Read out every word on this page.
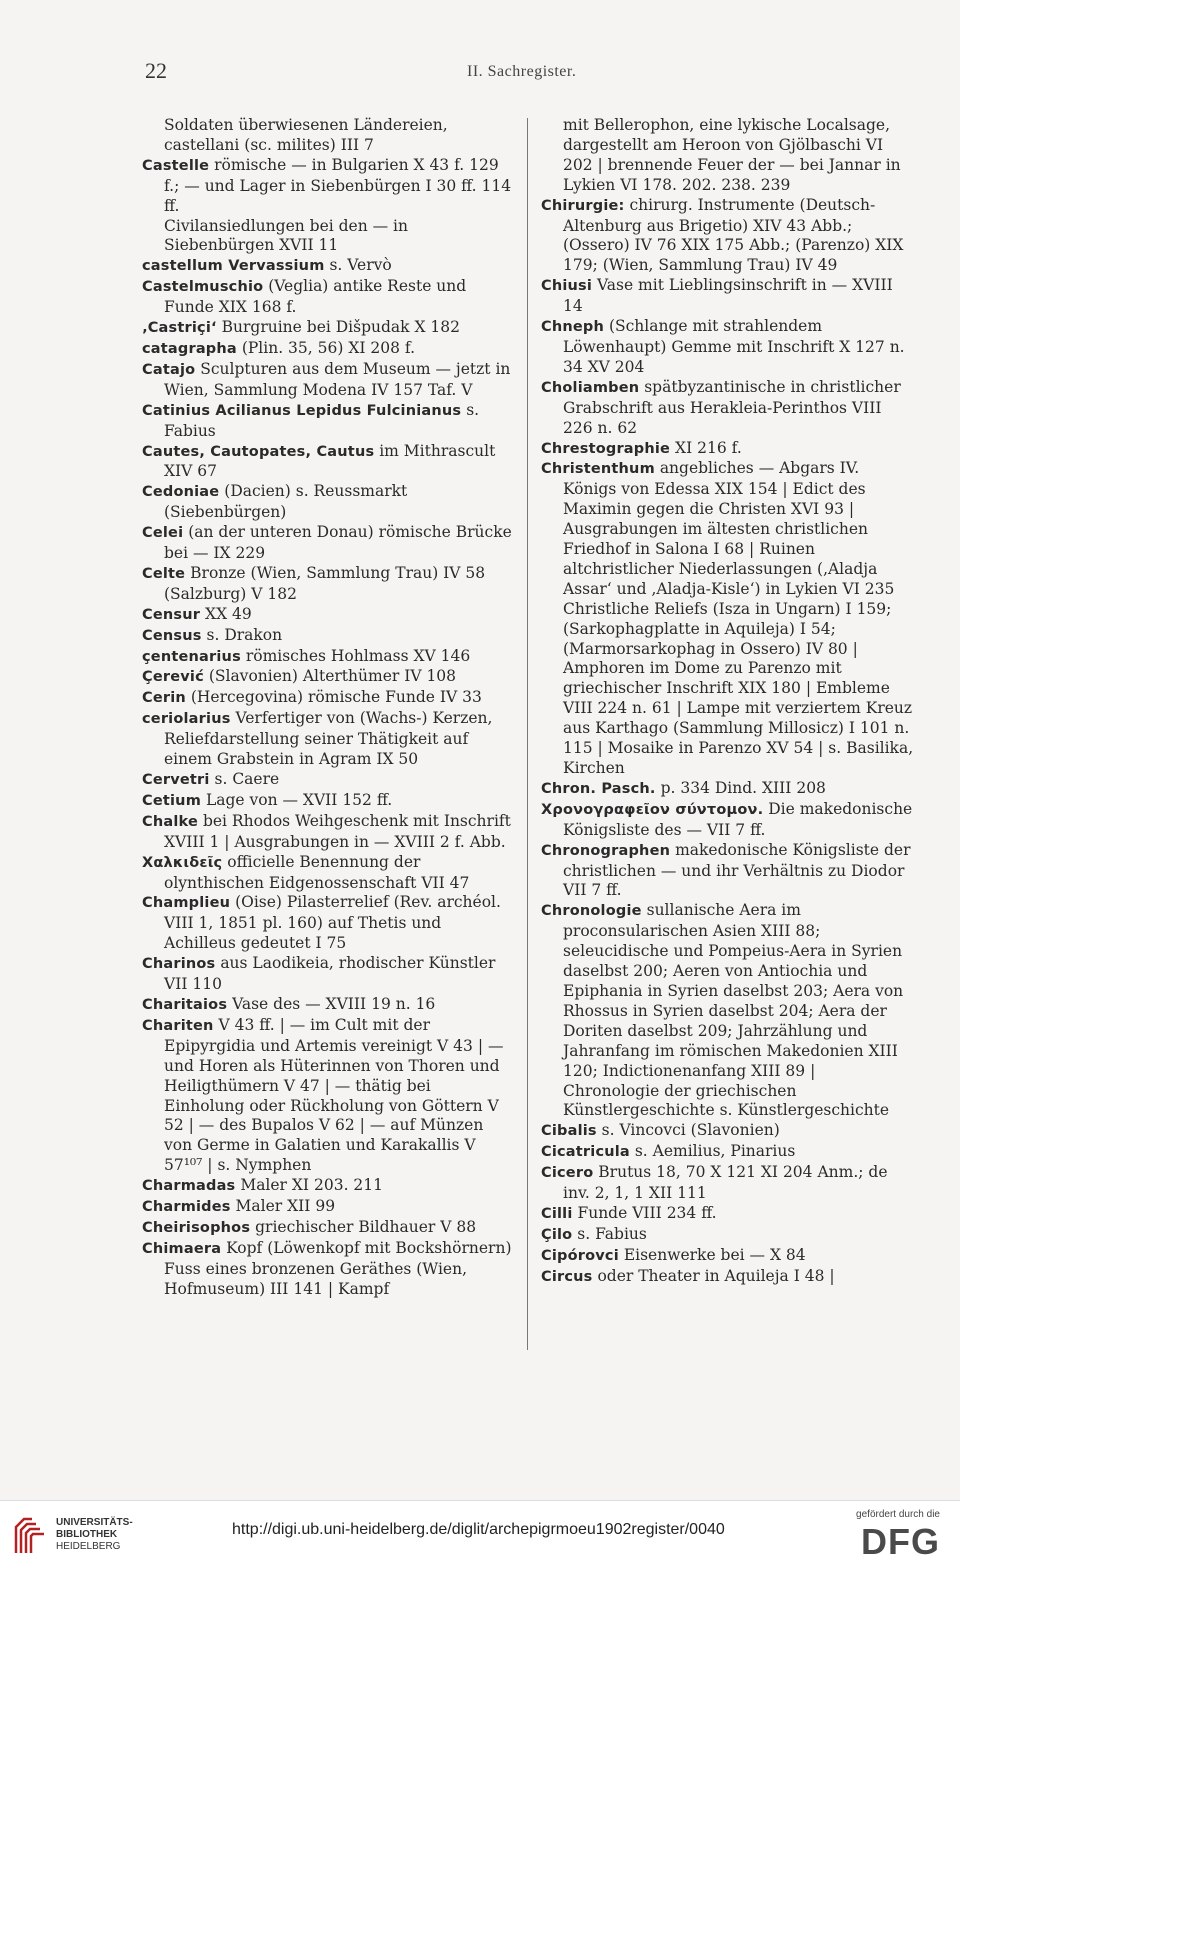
22	II. Sachregister.

Soldaten überwiesenen Ländereien, castellani (sc. milites) III 7

Castelle römische — in Bulgarien X 43 f. 129 f.; — und Lager in Siebenbürgen I 30 ff. 114 ff.

Civilansiedlungen bei den — in Siebenbürgen XVII 11

castellum Vervassium s. Vervò

Castelmuschio (Veglia) antike Reste und Funde XIX 168 f.

‚Castriçi‘ Burgruine bei Dišpudak X 182

catagrapha (Plin. 35, 56) XI 208 f.

Catajo Sculpturen aus dem Museum — jetzt in Wien, Sammlung Modena IV 157 Taf. V

Catinius Acilianus Lepidus Fulcinianus s. Fabius

Cautes, Cautopates, Cautus im Mithrascult XIV 67

Cedoniae (Dacien) s. Reussmarkt (Siebenbürgen)

Celei (an der unteren Donau) römische Brücke bei — IX 229

Celte Bronze (Wien, Sammlung Trau) IV 58 (Salzburg) V 182

Censur XX 49

Census s. Drakon

çentenarius römisches Hohlmass XV 146

Çerević (Slavonien) Alterthümer IV 108

Cerin (Hercegovina) römische Funde IV 33

ceriolarius Verfertiger von (Wachs-) Kerzen, Reliefdarstellung seiner Thätigkeit auf einem Grabstein in Agram IX 50

Cervetri s. Caere

Cetium Lage von — XVII 152 ff.

Chalke bei Rhodos Weihgeschenk mit Inschrift XVIII 1 | Ausgrabungen in — XVIII 2 f. Abb.

Χαλκιδεῖς officielle Benennung der olynthischen Eidgenossenschaft VII 47

Champlieu (Oise) Pilasterrelief (Rev. archéol. VIII 1, 1851 pl. 160) auf Thetis und Achilleus gedeutet I 75

Charinos aus Laodikeia, rhodischer Künstler VII 110

Charitaios Vase des — XVIII 19 n. 16

Chariten V 43 ff. | — im Cult mit der Epipyrgidia und Artemis vereinigt V 43 | — und Horen als Hüterinnen von Thoren und Heiligthümern V 47 | — thätig bei Einholung oder Rückholung von Göttern V 52 | — des Bupalos V 62 | — auf Münzen von Germe in Galatien und Karakallis V 57¹⁰⁷ | s. Nymphen

Charmadas Maler XI 203. 211

Charmides Maler XII 99

Cheirisophos griechischer Bildhauer V 88

Chimaera Kopf (Löwenkopf mit Bockshörnern) Fuss eines bronzenen Geräthes (Wien, Hofmuseum) III 141 | Kampf

mit Bellerophon, eine lykische Localsage, dargestellt am Heroon von Gjölbaschi VI 202 | brennende Feuer der — bei Jannar in Lykien VI 178. 202. 238. 239

Chirurgie: chirurg. Instrumente (Deutsch-Altenburg aus Brigetio) XIV 43 Abb.; (Ossero) IV 76 XIX 175 Abb.; (Parenzo) XIX 179; (Wien, Sammlung Trau) IV 49

Chiusi Vase mit Lieblingsinschrift in — XVIII 14

Chneph (Schlange mit strahlendem Löwenhaupt) Gemme mit Inschrift X 127 n. 34 XV 204

Choliamben spätbyzantinische in christlicher Grabschrift aus Herakleia-Perinthos VIII 226 n. 62

Chrestographie XI 216 f.

Christenthum angebliches — Abgars IV. Königs von Edessa XIX 154 | Edict des Maximin gegen die Christen XVI 93 | Ausgrabungen im ältesten christlichen Friedhof in Salona I 68 | Ruinen altchristlicher Niederlassungen (‚Aladja Assar‘ und ‚Aladja-Kisle‘) in Lykien VI 235

Christliche Reliefs (Isza in Ungarn) I 159; (Sarkophagplatte in Aquileja) I 54; (Marmorsarkophag in Ossero) IV 80 | Amphoren im Dome zu Parenzo mit griechischer Inschrift XIX 180 | Embleme VIII 224 n. 61 | Lampe mit verziertem Kreuz aus Karthago (Sammlung Millosicz) I 101 n. 115 | Mosaike in Parenzo XV 54 | s. Basilika, Kirchen

Chron. Pasch. p. 334 Dind. XIII 208

Χρονογραφεῖον σύντομον. Die makedonische Königsliste des — VII 7 ff.

Chronographen makedonische Königsliste der christlichen — und ihr Verhältnis zu Diodor VII 7 ff.

Chronologie sullanische Aera im proconsularischen Asien XIII 88; seleucidische und Pompeius-Aera in Syrien daselbst 200; Aeren von Antiochia und Epiphania in Syrien daselbst 203; Aera von Rhossus in Syrien daselbst 204; Aera der Doriten daselbst 209; Jahrzählung und Jahranfang im römischen Makedonien XIII 120; Indictionenanfang XIII 89 | Chronologie der griechischen Künstlergeschichte s. Künstlergeschichte

Cibalis s. Vincovci (Slavonien)

Cicatricula s. Aemilius, Pinarius

Cicero Brutus 18, 70 X 121 XI 204 Anm.; de inv. 2, 1, 1 XII 111

Cilli Funde VIII 234 ff.

Çilo s. Fabius

Cipórovci Eisenwerke bei — X 84

Circus oder Theater in Aquileja I 48 |

UNIVERSITÄTS-
BIBLIOTHEK
HEIDELBERG
http://digi.ub.uni-heidelberg.de/diglit/archepigrmoeu1902register/0040
gefördert durch die
DFG
